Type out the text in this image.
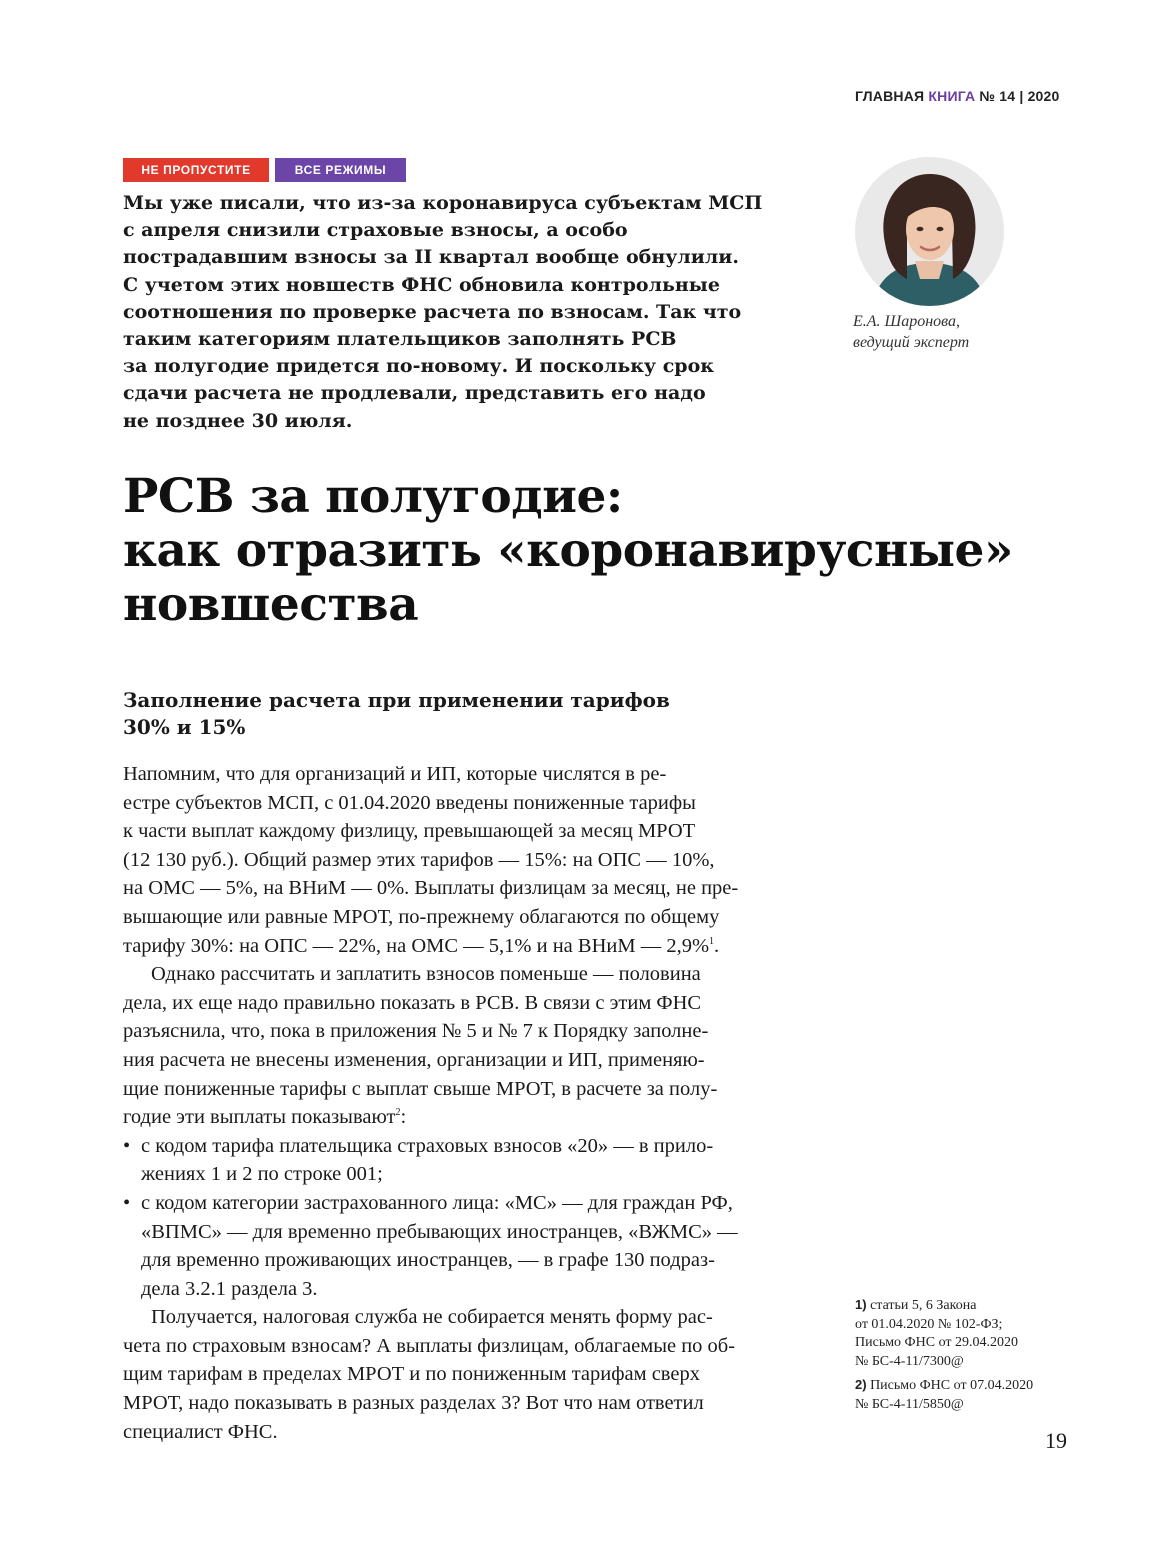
ГЛАВНАЯ КНИГА № 14 | 2020
НЕ ПРОПУСТИТЕ	ВСЕ РЕЖИМЫ
Мы уже писали, что из-за коронавируса субъектам МСП
с апреля снизили страховые взносы, а особо
пострадавшим взносы за II квартал вообще обнулили.
С учетом этих новшеств ФНС обновила контрольные
соотношения по проверке расчета по взносам. Так что
таким категориям плательщиков заполнять РСВ
за полугодие придется по-новому. И поскольку срок
сдачи расчета не продлевали, представить его надо
не позднее 30 июля.
Е.А. Шаронова,
ведущий эксперт
РСВ за полугодие:
как отразить «коронавирусные»
новшества
Заполнение расчета при применении тарифов
30% и 15%
Напомним, что для организаций и ИП, которые числятся в ре-
естре субъектов МСП, с 01.04.2020 введены пониженные тарифы
к части выплат каждому физлицу, превышающей за месяц МРОТ
(12 130 руб.). Общий размер этих тарифов — 15%: на ОПС — 10%,
на ОМС — 5%, на ВНиМ — 0%. Выплаты физлицам за месяц, не пре-
вышающие или равные МРОТ, по-прежнему облагаются по общему
тарифу 30%: на ОПС — 22%, на ОМС — 5,1% и на ВНиМ — 2,9%$^1$.
Однако рассчитать и заплатить взносов поменьше — половина
дела, их еще надо правильно показать в РСВ. В связи с этим ФНС
разъяснила, что, пока в приложения № 5 и № 7 к Порядку заполне-
ния расчета не внесены изменения, организации и ИП, применяю-
щие пониженные тарифы с выплат свыше МРОТ, в расчете за полу-
годие эти выплаты показывают$^2$:
• с кодом тарифа плательщика страховых взносов «20» — в прило-
жениях 1 и 2 по строке 001;
• с кодом категории застрахованного лица: «МС» — для граждан РФ,
«ВПМС» — для временно пребывающих иностранцев, «ВЖМС» —
для временно проживающих иностранцев, — в графе 130 подраз-
дела 3.2.1 раздела 3.
Получается, налоговая служба не собирается менять форму рас-
чета по страховым взносам? А выплаты физлицам, облагаемые по об-
щим тарифам в пределах МРОТ и по пониженным тарифам сверх
МРОТ, надо показывать в разных разделах 3? Вот что нам ответил
специалист ФНС.
1) статьи 5, 6 Закона
от 01.04.2020 № 102-ФЗ;
Письмо ФНС от 29.04.2020
№ БС-4-11/7300@
2) Письмо ФНС от 07.04.2020
№ БС-4-11/5850@
19
